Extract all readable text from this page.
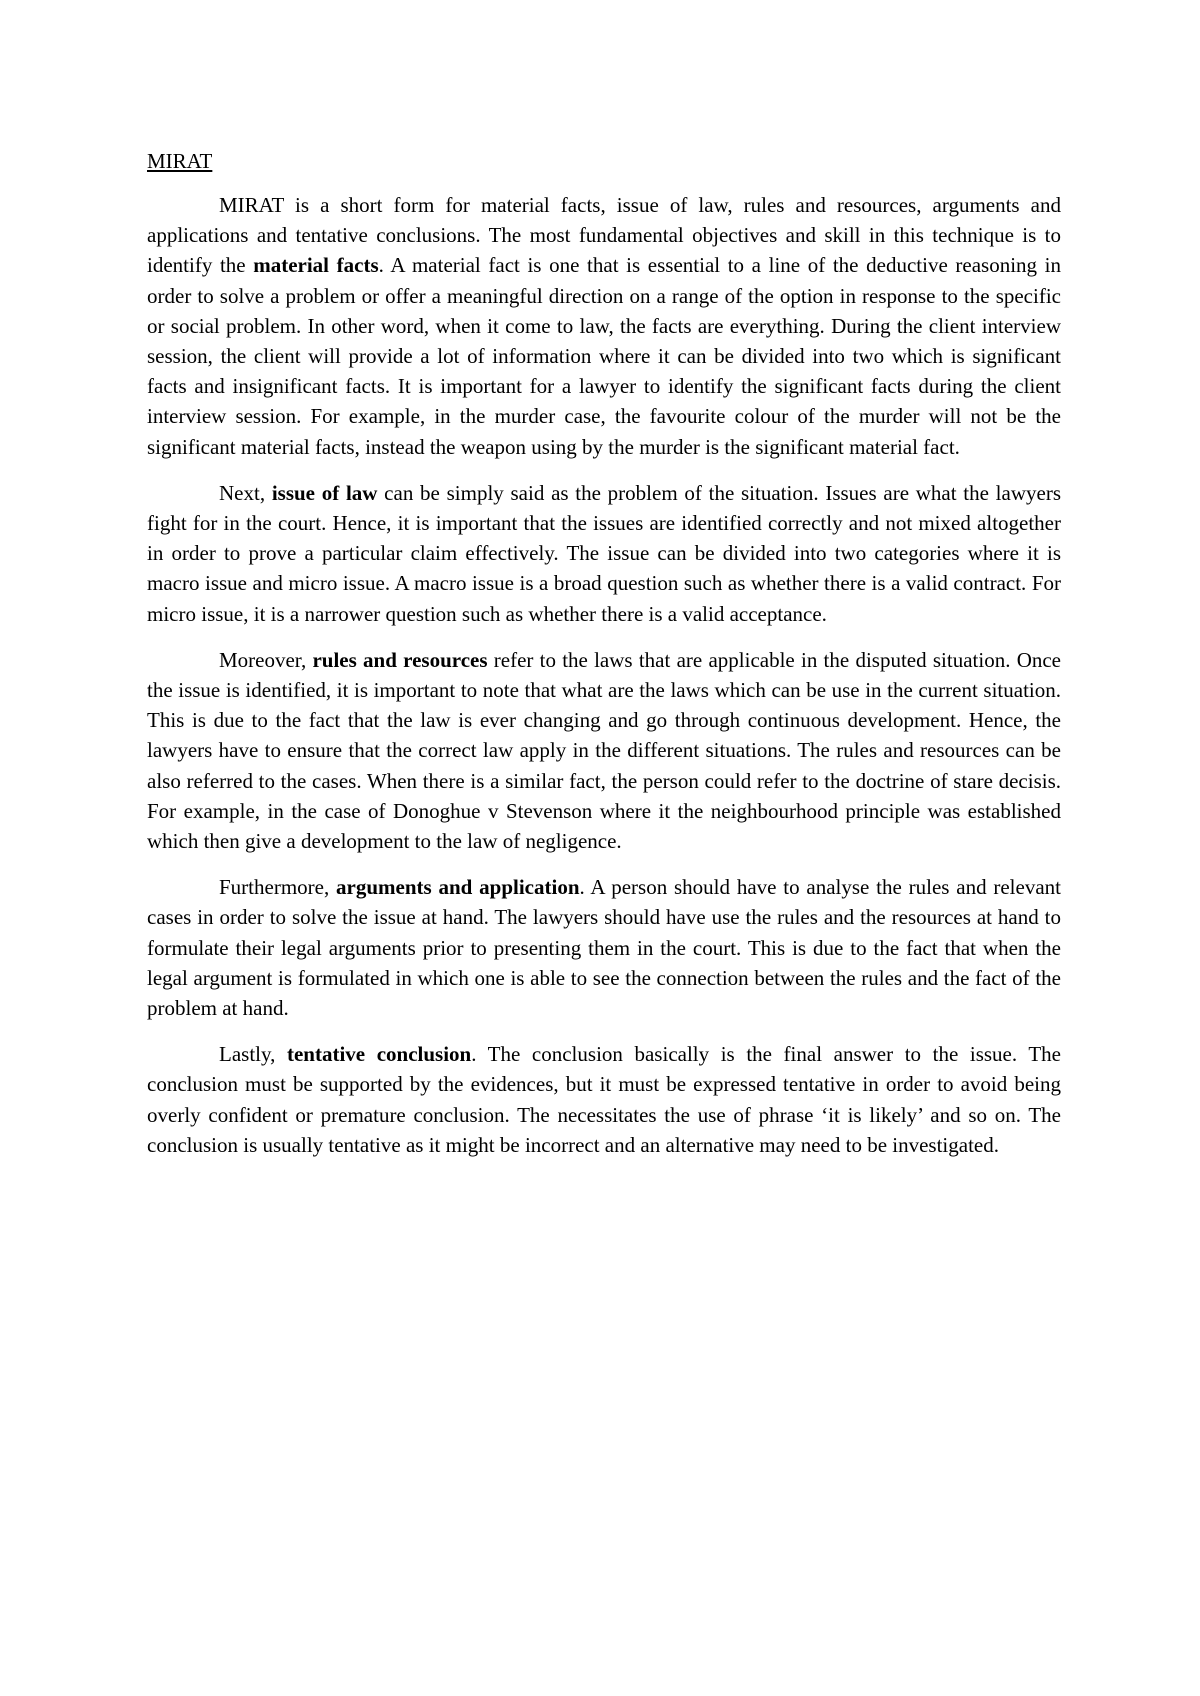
MIRAT

MIRAT is a short form for material facts, issue of law, rules and resources, arguments and applications and tentative conclusions. The most fundamental objectives and skill in this technique is to identify the material facts. A material fact is one that is essential to a line of the deductive reasoning in order to solve a problem or offer a meaningful direction on a range of the option in response to the specific or social problem. In other word, when it come to law, the facts are everything. During the client interview session, the client will provide a lot of information where it can be divided into two which is significant facts and insignificant facts. It is important for a lawyer to identify the significant facts during the client interview session. For example, in the murder case, the favourite colour of the murder will not be the significant material facts, instead the weapon using by the murder is the significant material fact.

Next, issue of law can be simply said as the problem of the situation. Issues are what the lawyers fight for in the court. Hence, it is important that the issues are identified correctly and not mixed altogether in order to prove a particular claim effectively. The issue can be divided into two categories where it is macro issue and micro issue. A macro issue is a broad question such as whether there is a valid contract. For micro issue, it is a narrower question such as whether there is a valid acceptance.

Moreover, rules and resources refer to the laws that are applicable in the disputed situation. Once the issue is identified, it is important to note that what are the laws which can be use in the current situation. This is due to the fact that the law is ever changing and go through continuous development. Hence, the lawyers have to ensure that the correct law apply in the different situations. The rules and resources can be also referred to the cases. When there is a similar fact, the person could refer to the doctrine of stare decisis. For example, in the case of Donoghue v Stevenson where it the neighbourhood principle was established which then give a development to the law of negligence.

Furthermore, arguments and application. A person should have to analyse the rules and relevant cases in order to solve the issue at hand. The lawyers should have use the rules and the resources at hand to formulate their legal arguments prior to presenting them in the court. This is due to the fact that when the legal argument is formulated in which one is able to see the connection between the rules and the fact of the problem at hand.

Lastly, tentative conclusion. The conclusion basically is the final answer to the issue. The conclusion must be supported by the evidences, but it must be expressed tentative in order to avoid being overly confident or premature conclusion. The necessitates the use of phrase ‘it is likely’ and so on. The conclusion is usually tentative as it might be incorrect and an alternative may need to be investigated.
